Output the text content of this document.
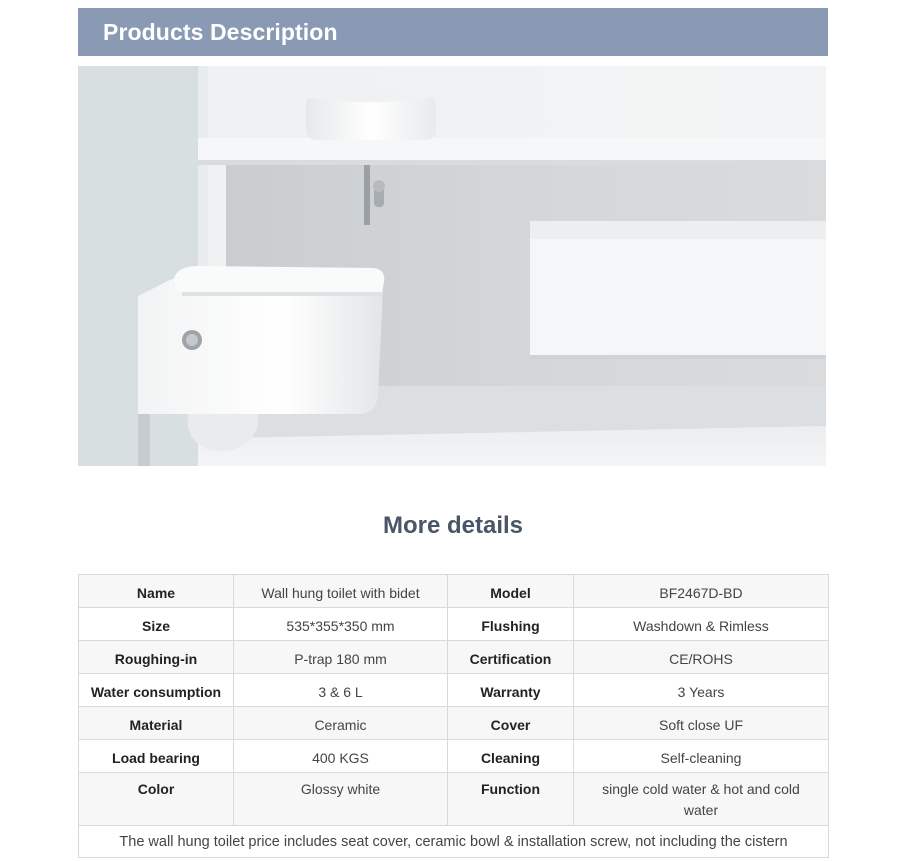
Products Description
More details
Name	Wall hung toilet with bidet	Model	BF2467D-BD
Size	535*355*350 mm	Flushing	Washdown & Rimless
Roughing-in	P-trap 180 mm	Certification	CE/ROHS
Water consumption	3 & 6 L	Warranty	3 Years
Material	Ceramic	Cover	Soft close UF
Load bearing	400 KGS	Cleaning	Self-cleaning
Color	Glossy white	Function	single cold water & hot and cold water
The wall hung toilet price includes seat cover, ceramic bowl & installation screw, not including the cistern			
